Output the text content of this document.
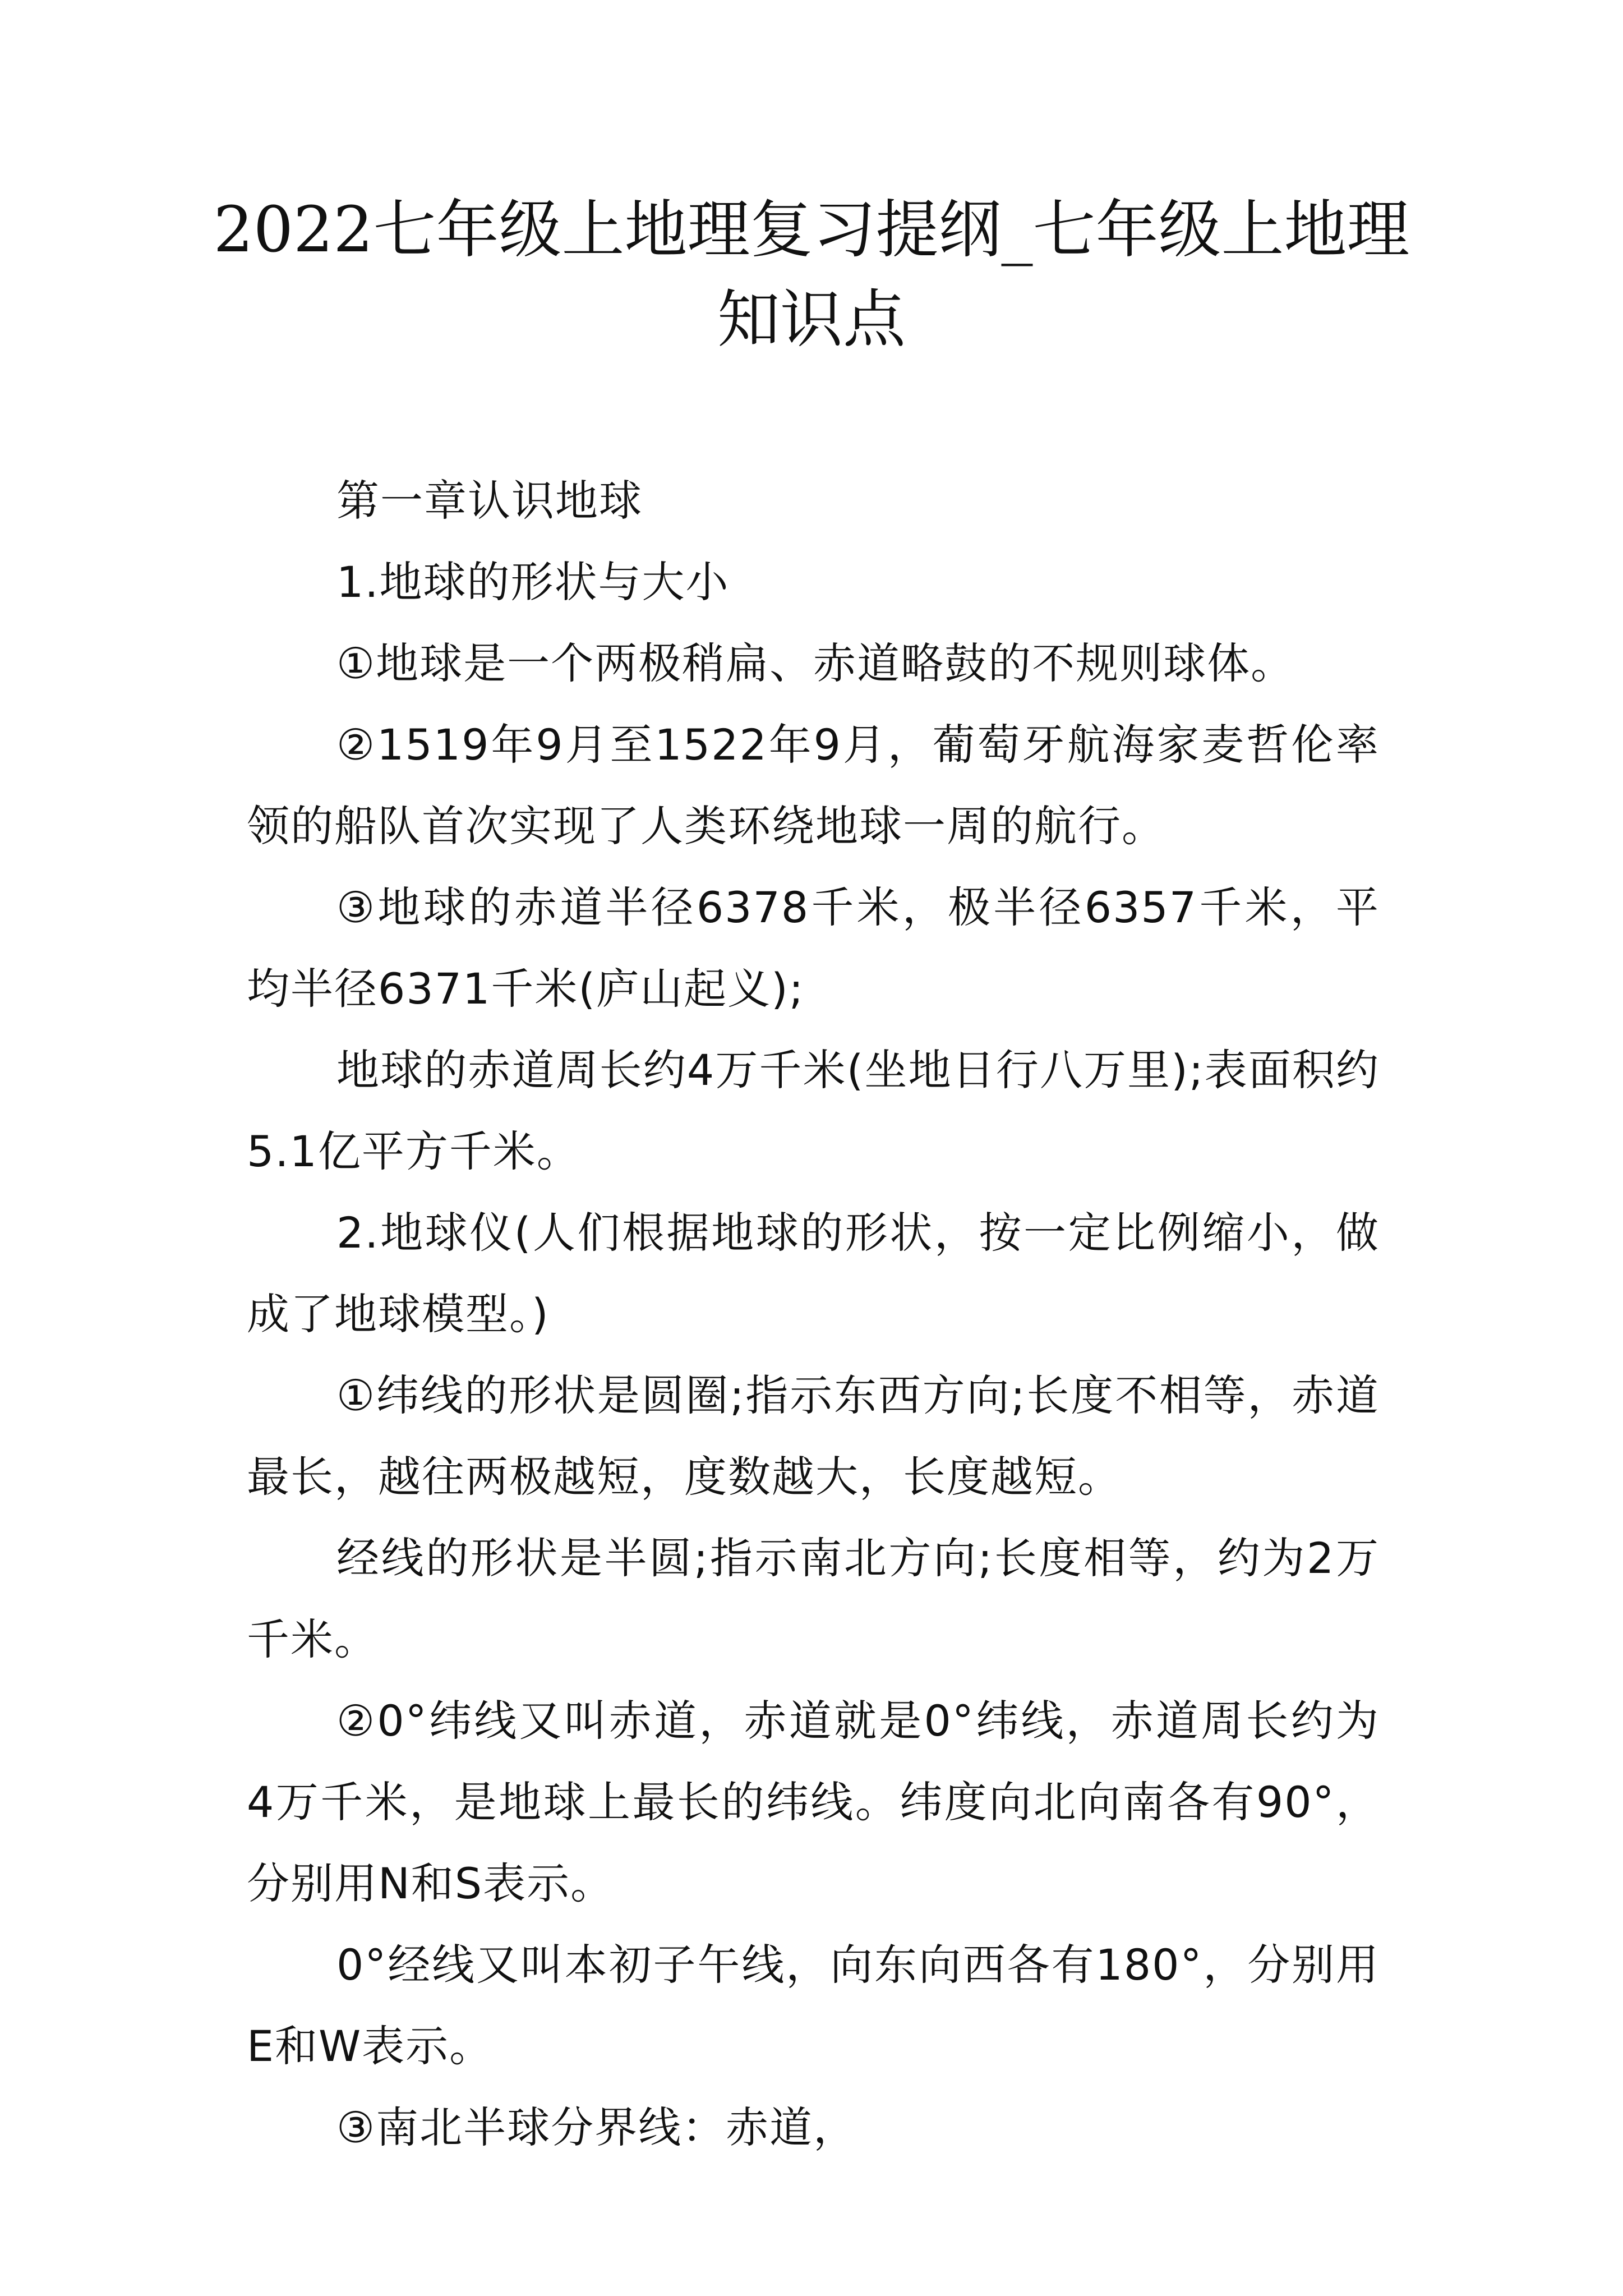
2022七年级上地理复习提纲_七年级上地理
知识点

第一章认识地球

1.地球的形状与大小

①地球是一个两极稍扁、赤道略鼓的不规则球体。

②1519年9月至1522年9月，葡萄牙航海家麦哲伦率领的船队首次实现了人类环绕地球一周的航行。

③地球的赤道半径6378千米，极半径6357千米，平均半径6371千米(庐山起义);

地球的赤道周长约4万千米(坐地日行八万里);表面积约5.1亿平方千米。

2.地球仪(人们根据地球的形状，按一定比例缩小，做成了地球模型。)

①纬线的形状是圆圈;指示东西方向;长度不相等，赤道最长，越往两极越短，度数越大，长度越短。

经线的形状是半圆;指示南北方向;长度相等，约为2万千米。

②0°纬线又叫赤道，赤道就是0°纬线，赤道周长约为4万千米，是地球上最长的纬线。纬度向北向南各有90°，分别用N和S表示。

0°经线又叫本初子午线，向东向西各有180°，分别用E和W表示。

③南北半球分界线：赤道，
